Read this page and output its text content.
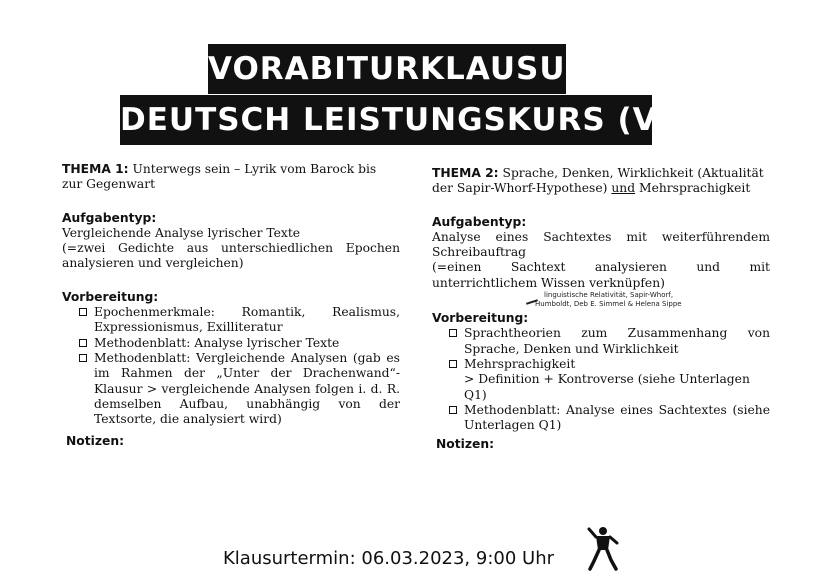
VORABITURKLAUSUR
DEUTSCH LEISTUNGSKURS (VAT)

THEMA 1: Unterwegs sein – Lyrik vom Barock bis zur Gegenwart

Aufgabentyp:
Vergleichende Analyse lyrischer Texte
(=zwei Gedichte aus unterschiedlichen Epochen analysieren und vergleichen)
Vorbereitung:
Epochenmerkmale: Romantik, Realismus, Expressionismus, Exilliteratur
Methodenblatt: Analyse lyrischer Texte
Methodenblatt: Vergleichende Analysen (gab es im Rahmen der „Unter der Drachenwand“-Klausur > vergleichende Analysen folgen i. d. R. demselben Aufbau, unabhängig von der Textsorte, die analysiert wird)
Notizen:

THEMA 2: Sprache, Denken, Wirklichkeit (Aktualität der Sapir-Whorf-Hypothese) und Mehrsprachigkeit

Aufgabentyp:
Analyse eines Sachtextes mit weiterführendem Schreibauftrag
(=einen Sachtext analysieren und mit unterrichtlichem Wissen verknüpfen)
Vorbereitung:
Sprachtheorien zum Zusammenhang von Sprache, Denken und Wirklichkeit
Mehrsprachigkeit
> Definition + Kontroverse (siehe Unterlagen Q1)
Methodenblatt: Analyse eines Sachtextes (siehe Unterlagen Q1)
linguistische Relativität, Sapir-Whorf,
Humboldt, Deb E. Simmel & Helena Sippe
Notizen:
Klausurtermin: 06.03.2023, 9:00 Uhr
